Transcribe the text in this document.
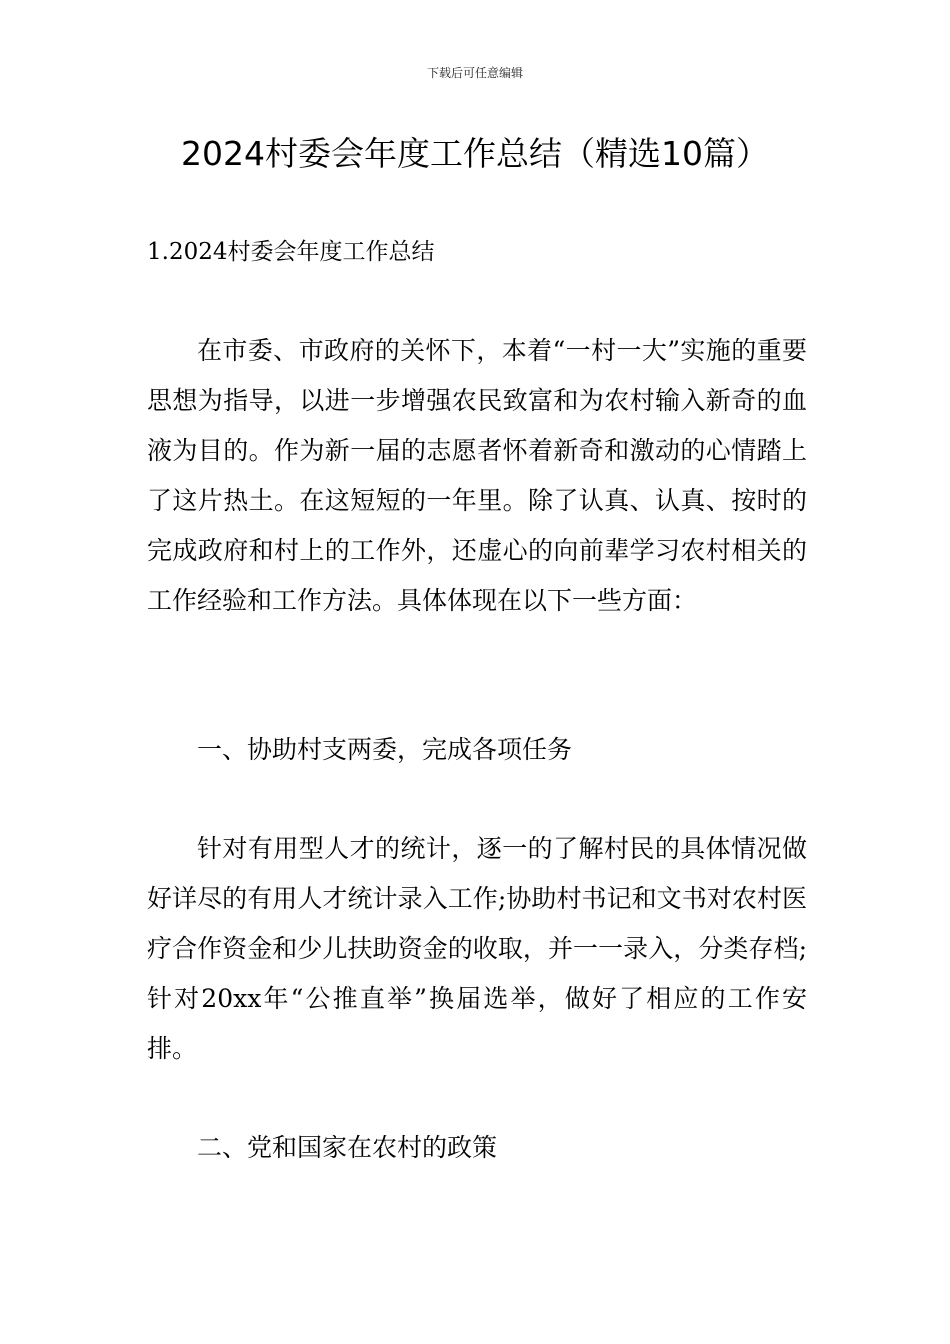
下载后可任意编辑
2024村委会年度工作总结（精选10篇）
1.2024村委会年度工作总结

在市委、市政府的关怀下，本着“一村一大”实施的重要思想为指导，以进一步增强农民致富和为农村输入新奇的血液为目的。作为新一届的志愿者怀着新奇和激动的心情踏上了这片热土。在这短短的一年里。除了认真、认真、按时的完成政府和村上的工作外，还虚心的向前辈学习农村相关的工作经验和工作方法。具体体现在以下一些方面：

一、协助村支两委，完成各项任务

针对有用型人才的统计，逐一的了解村民的具体情况做好详尽的有用人才统计录入工作;协助村书记和文书对农村医疗合作资金和少儿扶助资金的收取，并一一录入，分类存档;针对20xx年“公推直举”换届选举，做好了相应的工作安排。

二、党和国家在农村的政策
